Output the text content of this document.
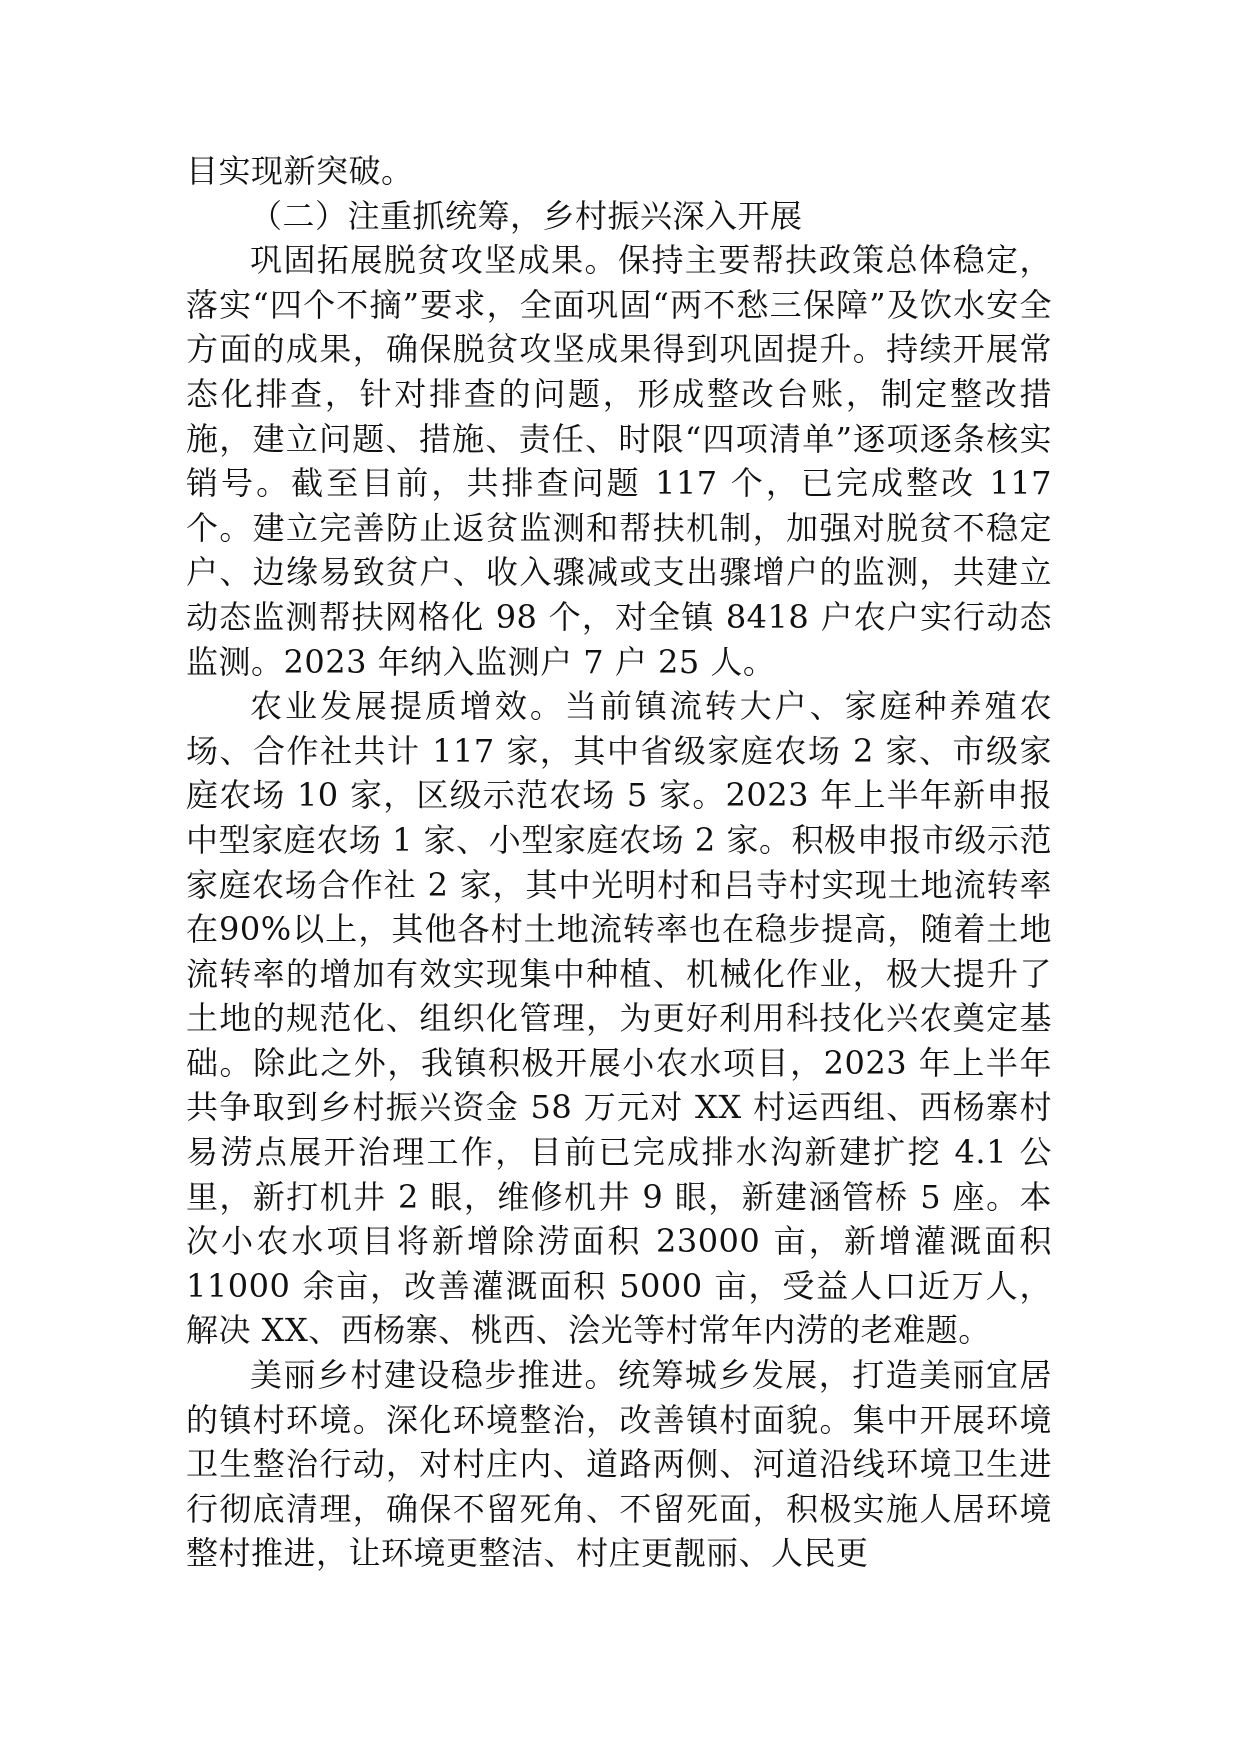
目实现新突破。

（二）注重抓统筹，乡村振兴深入开展

巩固拓展脱贫攻坚成果。保持主要帮扶政策总体稳定，落实“四个不摘”要求，全面巩固“两不愁三保障”及饮水安全方面的成果，确保脱贫攻坚成果得到巩固提升。持续开展常态化排查，针对排查的问题，形成整改台账，制定整改措施，建立问题、措施、责任、时限“四项清单”逐项逐条核实销号。截至目前，共排查问题 117 个，已完成整改 117 个。建立完善防止返贫监测和帮扶机制，加强对脱贫不稳定户、边缘易致贫户、收入骤减或支出骤增户的监测，共建立动态监测帮扶网格化 98 个，对全镇 8418 户农户实行动态监测。2023 年纳入监测户 7 户 25 人。

农业发展提质增效。当前镇流转大户、家庭种养殖农场、合作社共计 117 家，其中省级家庭农场 2 家、市级家庭农场 10 家，区级示范农场 5 家。2023 年上半年新申报中型家庭农场 1 家、小型家庭农场 2 家。积极申报市级示范家庭农场合作社 2 家，其中光明村和吕寺村实现土地流转率在90%以上，其他各村土地流转率也在稳步提高，随着土地流转率的增加有效实现集中种植、机械化作业，极大提升了土地的规范化、组织化管理，为更好利用科技化兴农奠定基础。除此之外，我镇积极开展小农水项目，2023 年上半年共争取到乡村振兴资金 58 万元对 XX 村运西组、西杨寨村易涝点展开治理工作，目前已完成排水沟新建扩挖 4.1 公里，新打机井 2 眼，维修机井 9 眼，新建涵管桥 5 座。本次小农水项目将新增除涝面积 23000 亩，新增灌溉面积 11000 余亩，改善灌溉面积 5000 亩，受益人口近万人，解决 XX、西杨寨、桃西、浍光等村常年内涝的老难题。

美丽乡村建设稳步推进。统筹城乡发展，打造美丽宜居的镇村环境。深化环境整治，改善镇村面貌。集中开展环境卫生整治行动，对村庄内、道路两侧、河道沿线环境卫生进行彻底清理，确保不留死角、不留死面，积极实施人居环境整村推进，让环境更整洁、村庄更靓丽、人民更
